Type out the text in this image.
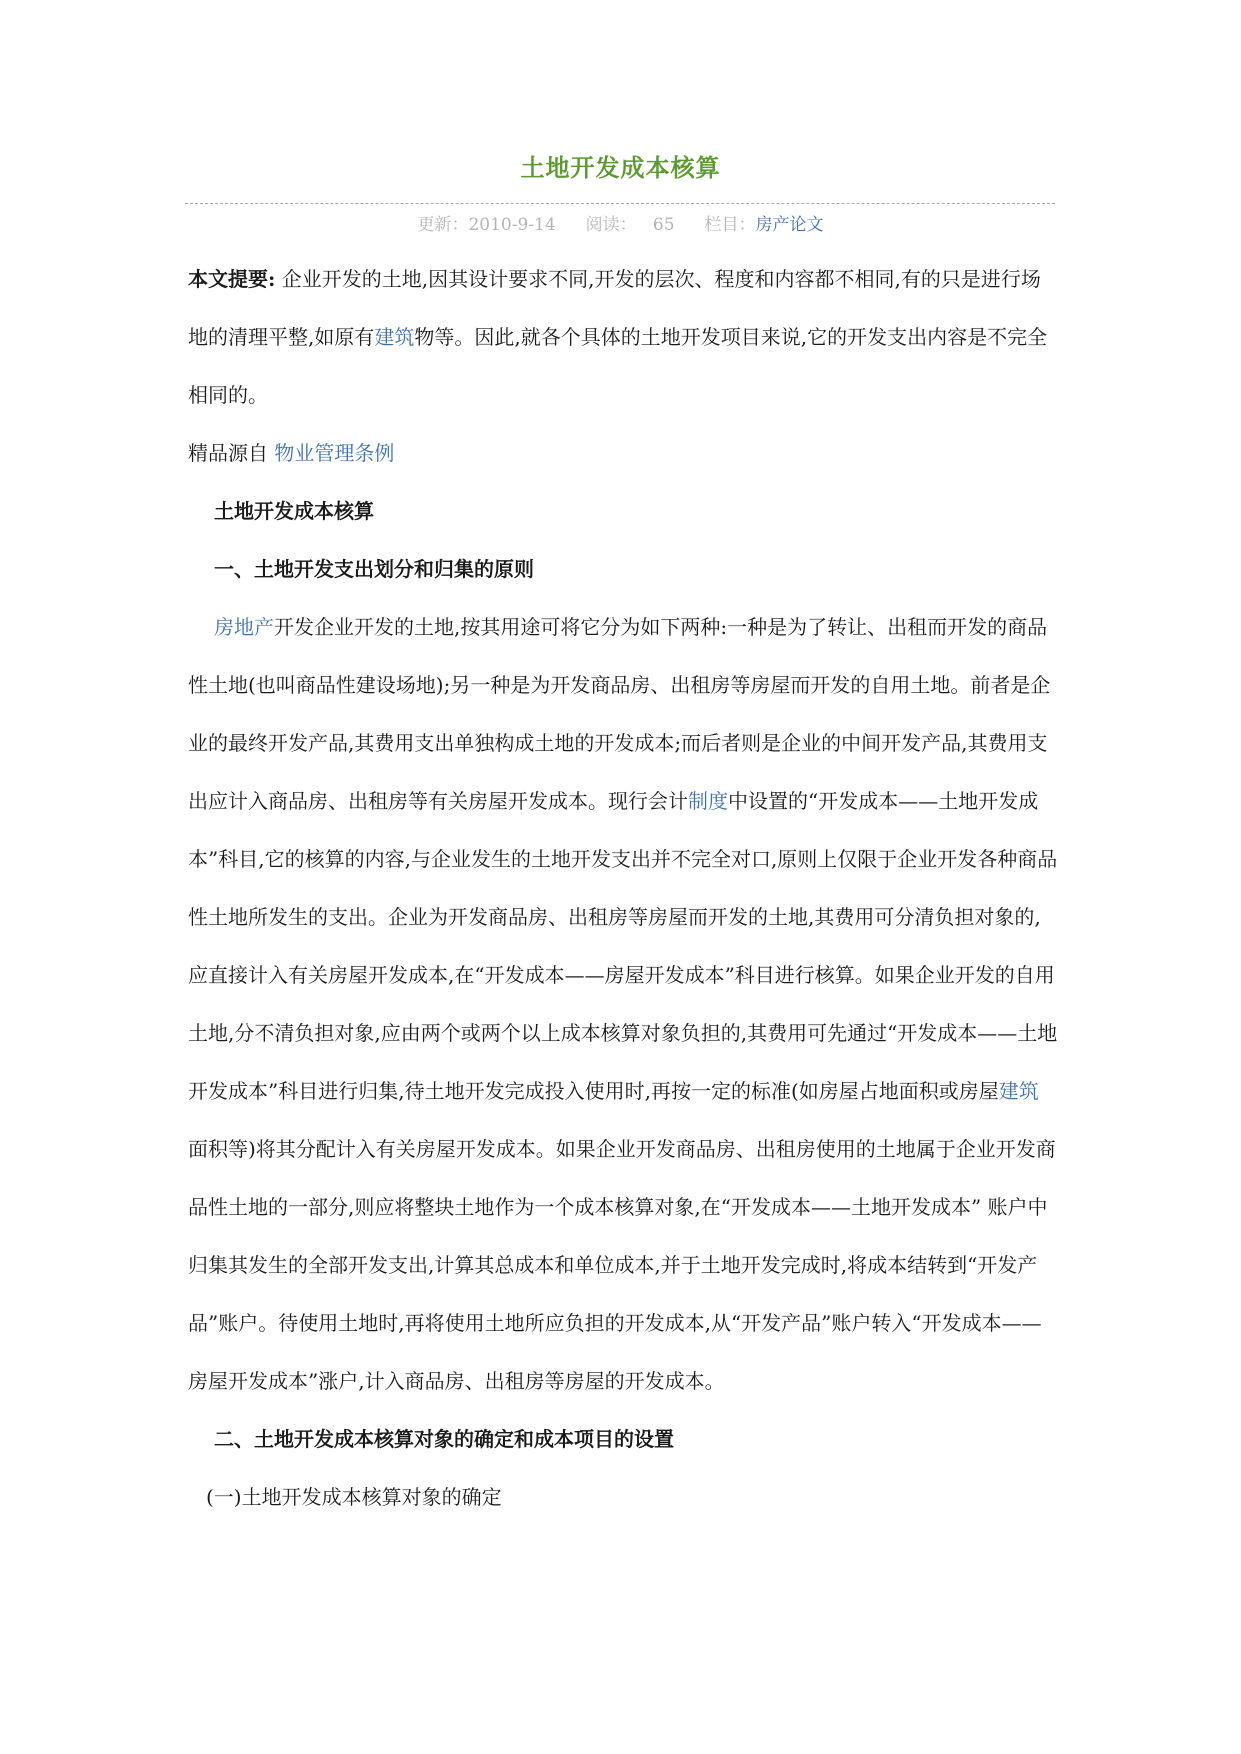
土地开发成本核算
更新：2010-9-14 阅读： 65 栏目：房产论文

本文提要: 企业开发的土地,因其设计要求不同,开发的层次、程度和内容都不相同,有的只是进行场地的清理平整,如原有建筑物等。因此,就各个具体的土地开发项目来说,它的开发支出内容是不完全相同的。

精品源自 物业管理条例

土地开发成本核算

一、土地开发支出划分和归集的原则

房地产开发企业开发的土地,按其用途可将它分为如下两种:一种是为了转让、出租而开发的商品性土地(也叫商品性建设场地);另一种是为开发商品房、出租房等房屋而开发的自用土地。前者是企业的最终开发产品,其费用支出单独构成土地的开发成本;而后者则是企业的中间开发产品,其费用支出应计入商品房、出租房等有关房屋开发成本。现行会计制度中设置的“开发成本——土地开发成本”科目,它的核算的内容,与企业发生的土地开发支出并不完全对口,原则上仅限于企业开发各种商品性土地所发生的支出。企业为开发商品房、出租房等房屋而开发的土地,其费用可分清负担对象的,应直接计入有关房屋开发成本,在“开发成本——房屋开发成本”科目进行核算。如果企业开发的自用土地,分不清负担对象,应由两个或两个以上成本核算对象负担的,其费用可先通过“开发成本——土地开发成本”科目进行归集,待土地开发完成投入使用时,再按一定的标准(如房屋占地面积或房屋建筑面积等)将其分配计入有关房屋开发成本。如果企业开发商品房、出租房使用的土地属于企业开发商品性土地的一部分,则应将整块土地作为一个成本核算对象,在“开发成本——土地开发成本” 账户中归集其发生的全部开发支出,计算其总成本和单位成本,并于土地开发完成时,将成本结转到“开发产品”账户。待使用土地时,再将使用土地所应负担的开发成本,从“开发产品”账户转入“开发成本——房屋开发成本”涨户,计入商品房、出租房等房屋的开发成本。

二、土地开发成本核算对象的确定和成本项目的设置

(一)土地开发成本核算对象的确定
